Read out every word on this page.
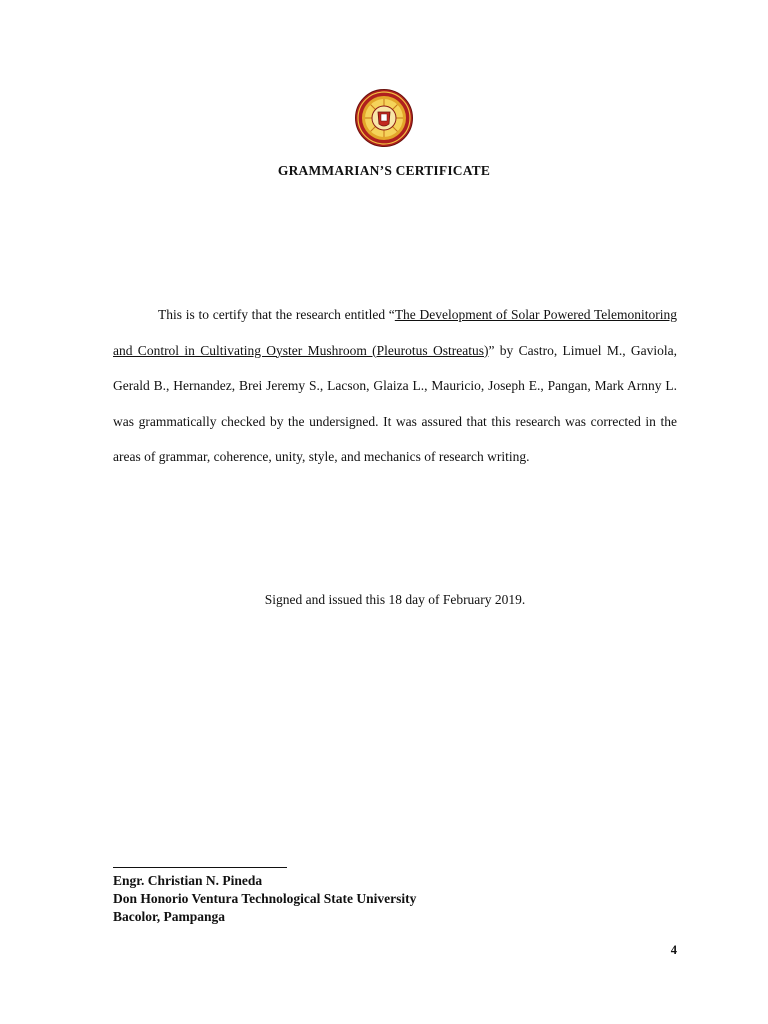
GRAMMARIAN’S CERTIFICATE
This is to certify that the research entitled “The Development of Solar Powered Telemonitoring and Control in Cultivating Oyster Mushroom (Pleurotus Ostreatus)” by Castro, Limuel M., Gaviola, Gerald B., Hernandez, Brei Jeremy S., Lacson, Glaiza L., Mauricio, Joseph E., Pangan, Mark Arnny L. was grammatically checked by the undersigned. It was assured that this research was corrected in the areas of grammar, coherence, unity, style, and mechanics of research writing.
Signed and issued this 18 day of February 2019.
Engr. Christian N. Pineda
Don Honorio Ventura Technological State University
Bacolor, Pampanga
4
